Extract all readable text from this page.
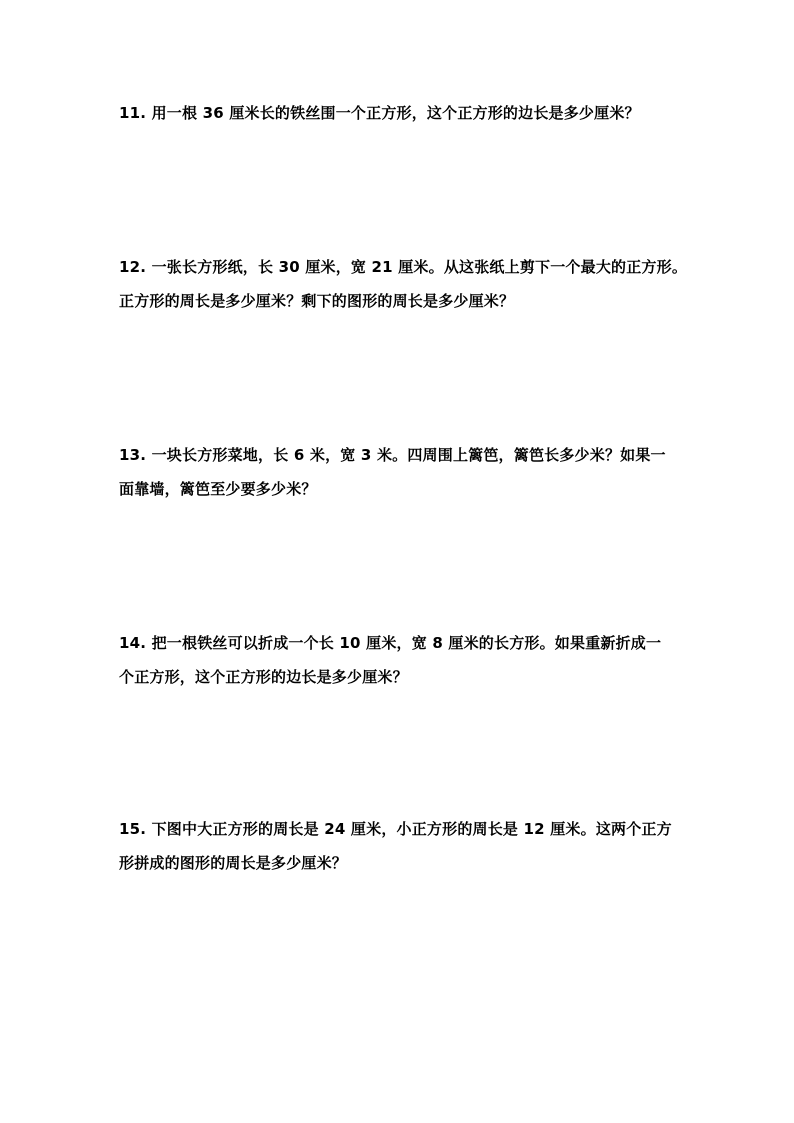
11. 用一根 36 厘米长的铁丝围一个正方形，这个正方形的边长是多少厘米？
12. 一张长方形纸，长 30 厘米，宽 21 厘米。从这张纸上剪下一个最大的正方形。
正方形的周长是多少厘米？剩下的图形的周长是多少厘米？
13. 一块长方形菜地，长 6 米，宽 3 米。四周围上篱笆，篱笆长多少米？如果一
面靠墙，篱笆至少要多少米？
14. 把一根铁丝可以折成一个长 10 厘米，宽 8 厘米的长方形。如果重新折成一
个正方形，这个正方形的边长是多少厘米？
15. 下图中大正方形的周长是 24 厘米，小正方形的周长是 12 厘米。这两个正方
形拼成的图形的周长是多少厘米？
